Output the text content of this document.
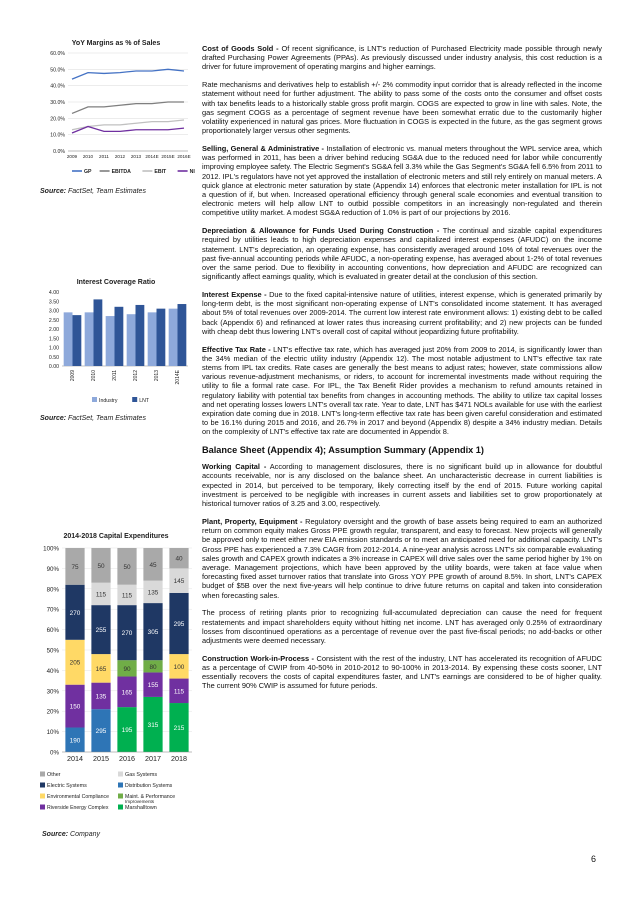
YoY Margins as % of Sales
0.0%
10.0%
20.0%
30.0%
40.0%
50.0%
60.0%
2009 2010 2011 2012 2013 2014E 2015E 2016E
GP	EBITDA	EBIT	NI
Source: FactSet, Team Estimates
Interest Coverage Ratio
0.00
0.50
1.00
1.50
2.00
2.50
3.00
3.50
4.00
2009	2010	2011	2012	2013	2014E
Industry	LNT
Source: FactSet, Team Estimates
2014-2018 Capital Expenditures
0%
10%
20%
30%
40%
50%
60%
70%
80%
90%
100%
190
150
205
270
75
2014
295
135
165
255
115
50
2015
195
165
90
270
115
50
2016
315
155
80
305
135
45
2017
215
115
100
295
145
40
2018
Other	Gas Systems
Electric Systems	Distribution Systems
Environmental Compliance	Maint. & Performance Improvements
Riverside Energy Complex	Marshalltown
Source: Company

Cost of Goods Sold - Of recent significance, is LNT's reduction of Purchased Electricity made possible through newly drafted Purchasing Power Agreements (PPAs). As previously discussed under industry analysis, this cost reduction is a driver for future improvement of operating margins and higher earnings.

Rate mechanisms and derivatives help to establish +/- 2% commodity input corridor that is already reflected in the income statement without need for further adjustment. The ability to pass some of the costs onto the consumer and offset costs with tax benefits leads to a historically stable gross profit margin. COGS are expected to grow in line with sales. Note, the gas segment COGS as a percentage of segment revenue have been somewhat erratic due to the customarily higher volatility experienced in natural gas prices. More fluctuation in COGS is expected in the future, as the gas segment grows proportionately larger versus other segments.

Selling, General & Administrative - Installation of electronic vs. manual meters throughout the WPL service area, which was performed in 2011, has been a driver behind reducing SG&A due to the reduced need for labor while concurrently improving employee safety. The Electric Segment's SG&A fell 3.3% while the Gas Segment's SG&A fell 6.5% from 2011 to 2012. IPL's regulators have not yet approved the installation of electronic meters and still rely entirely on manual meters. A quick glance at electronic meter saturation by state (Appendix 14) enforces that electronic meter installation for IPL is not a question of if, but when. Increased operational efficiency through general scale economies and eventual transition to electronic meters will help allow LNT to outbid possible competitors in an increasingly non-regulated and therein competitive utility market. A modest SG&A reduction of 1.0% is part of our projections by 2016.

Depreciation & Allowance for Funds Used During Construction - The continual and sizable capital expenditures required by utilities leads to high depreciation expenses and capitalized interest expenses (AFUDC) on the income statement. LNT's depreciation, an operating expense, has consistently averaged around 10% of total revenues over the past five-annual accounting periods while AFUDC, a non-operating expense, has averaged about 1-2% of total revenues over the same period. Due to flexibility in accounting conventions, how depreciation and AFUDC are recognized can significantly affect earnings quality, which is evaluated in greater detail at the conclusion of this section.

Interest Expense - Due to the fixed capital-intensive nature of utilities, interest expense, which is generated primarily by long-term debt, is the most significant non-operating expense of LNT's consolidated income statement. It has averaged about 5% of total revenues over 2009-2014. The current low interest rate environment allows: 1) existing debt to be called back (Appendix 6) and refinanced at lower rates thus increasing current profitability; and 2) new projects can be funded with cheap debt thus lowering LNT's overall cost of capital without jeopardizing future profitability.

Effective Tax Rate - LNT's effective tax rate, which has averaged just 20% from 2009 to 2014, is significantly lower than the 34% median of the electric utility industry (Appendix 12). The most notable adjustment to LNT's effective tax rate stems from IPL tax credits. Rate cases are generally the best means to adjust rates; however, state commissions allow various revenue-adjustment mechanisms, or riders, to account for incremental investments made without requiring the utility to file a formal rate case. For IPL, the Tax Benefit Rider provides a mechanism to refund amounts retained in regulatory liability with potential tax benefits from changes in accounting methods. The ability to utilize tax capital losses and net operating losses lowers LNT's overall tax rate. Year to date, LNT has $471 NOLs available for use with the earliest expiration date coming due in 2018. LNT's long-term effective tax rate has been given careful consideration and estimated to be 16.1% during 2015 and 2016, and 26.7% in 2017 and beyond (Appendix 8) despite a 34% industry median. Details on the complexity of LNT's effective tax rate are documented in Appendix 8.

Balance Sheet (Appendix 4); Assumption Summary (Appendix 1)

Working Capital - According to management disclosures, there is no significant build up in allowance for doubtful accounts receivable, nor is any disclosed on the balance sheet. An uncharacteristic decrease in current liabilities is expected in 2014, but perceived to be temporary, likely correcting itself by the end of 2015. Future working capital investment is perceived to be negligible with increases in current assets and liabilities set to grow proportionately at historical turnover ratios of 3.25 and 3.00, respectively.

Plant, Property, Equipment - Regulatory oversight and the growth of base assets being required to earn an authorized return on common equity makes Gross PPE growth regular, transparent, and easy to forecast. New projects will generally be approved only to meet either new EIA emission standards or to meet an anticipated need for additional capacity. LNT's Gross PPE has experienced a 7.3% CAGR from 2012-2014. A nine-year analysis across LNT's six comparable evaluating sales growth and CAPEX growth indicates a 3% increase in CAPEX will drive sales over the same period higher by 1% on average. Management projections, which have been approved by the utility boards, were taken at face value when forecasting fixed asset turnover ratios that translate into Gross YOY PPE growth of around 8.5%. In short, LNT's CAPEX budget of $5B over the next five-years will help continue to drive future returns on capital and taken into consideration when forecasting sales.

The process of retiring plants prior to recognizing full-accumulated depreciation can cause the need for frequent restatements and impact shareholders equity without hitting net income. LNT has averaged only 0.25% of extraordinary losses from discontinued operations as a percentage of revenue over the past five-fiscal periods; no add-backs or other adjustments were deemed necessary.

Construction Work-in-Process - Consistent with the rest of the industry, LNT has accelerated its recognition of AFUDC as a percentage of CWIP from 40-50% in 2010-2012 to 90-100% in 2013-2014. By expensing these costs sooner, LNT essentially recovers the costs of capital expenditures faster, and LNT's earnings are considered to be of higher quality. The current 90% CWIP is assumed for future periods.

6
